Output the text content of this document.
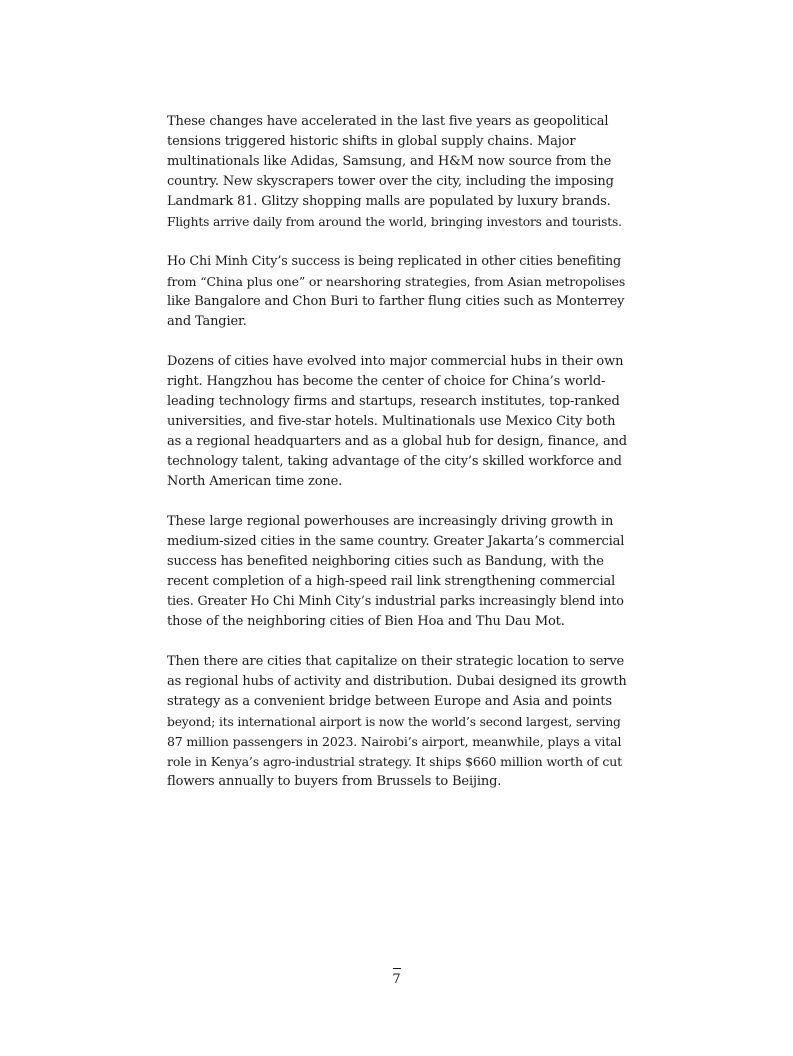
These changes have accelerated in the last five years as geopolitical
tensions triggered historic shifts in global supply chains. Major
multinationals like Adidas, Samsung, and H&M now source from the
country. New skyscrapers tower over the city, including the imposing
Landmark 81. Glitzy shopping malls are populated by luxury brands.
Flights arrive daily from around the world, bringing investors and tourists.
Ho Chi Minh City’s success is being replicated in other cities benefiting
from “China plus one” or nearshoring strategies, from Asian metropolises
like Bangalore and Chon Buri to farther flung cities such as Monterrey
and Tangier.
Dozens of cities have evolved into major commercial hubs in their own
right. Hangzhou has become the center of choice for China’s world-
leading technology firms and startups, research institutes, top-ranked
universities, and five-star hotels. Multinationals use Mexico City both
as a regional headquarters and as a global hub for design, finance, and
technology talent, taking advantage of the city’s skilled workforce and
North American time zone.
These large regional powerhouses are increasingly driving growth in
medium-sized cities in the same country. Greater Jakarta’s commercial
success has benefited neighboring cities such as Bandung, with the
recent completion of a high-speed rail link strengthening commercial
ties. Greater Ho Chi Minh City’s industrial parks increasingly blend into
those of the neighboring cities of Bien Hoa and Thu Dau Mot.
Then there are cities that capitalize on their strategic location to serve
as regional hubs of activity and distribution. Dubai designed its growth
strategy as a convenient bridge between Europe and Asia and points
beyond; its international airport is now the world’s second largest, serving
87 million passengers in 2023. Nairobi’s airport, meanwhile, plays a vital
role in Kenya’s agro-industrial strategy. It ships $660 million worth of cut
flowers annually to buyers from Brussels to Beijing.
7
